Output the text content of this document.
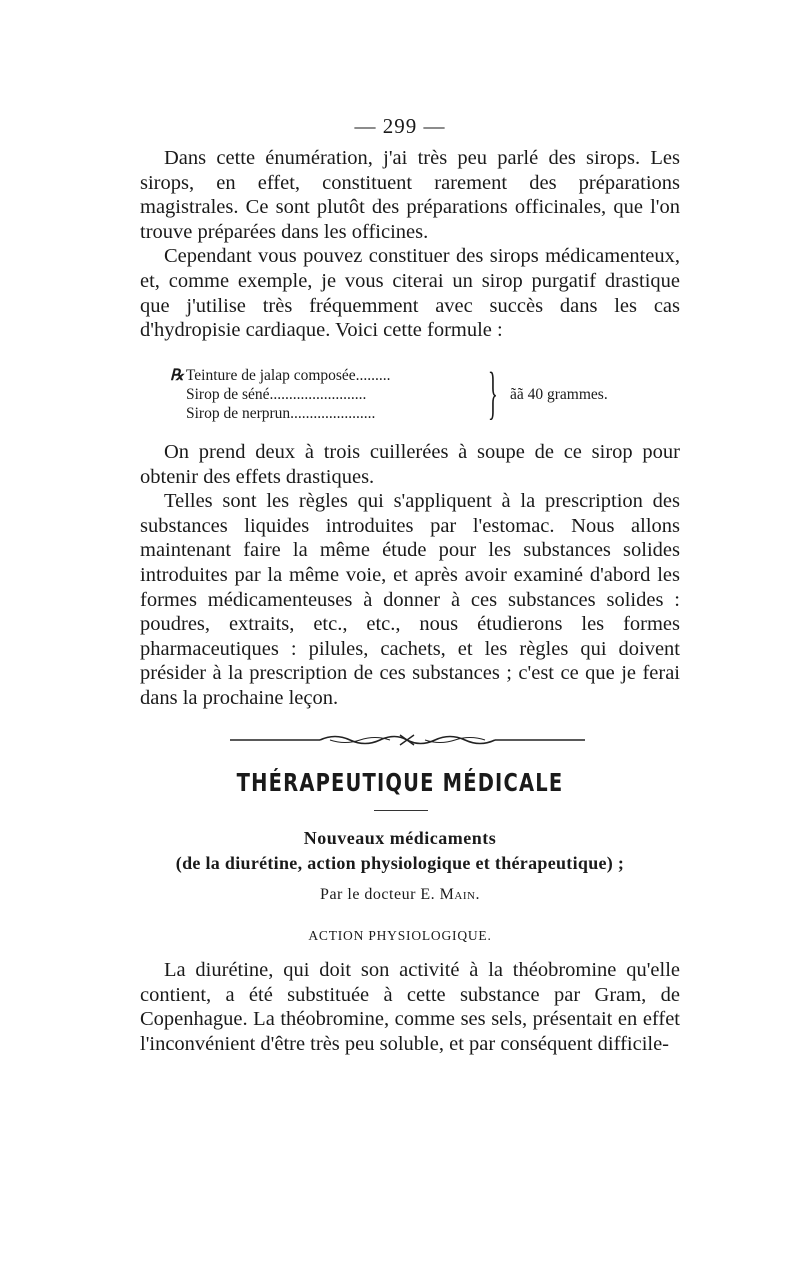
— 299 —

Dans cette énumération, j'ai très peu parlé des sirops. Les sirops, en effet, constituent rarement des préparations magistrales. Ce sont plutôt des préparations officinales, que l'on trouve préparées dans les officines.

Cependant vous pouvez constituer des sirops médicamenteux, et, comme exemple, je vous citerai un sirop purgatif drastique que j'utilise très fréquemment avec succès dans les cas d'hydropisie cardiaque. Voici cette formule :

℞ Teinture de jalap composée.........
Sirop de séné.........................
Sirop de nerprun......................	} ãã 40 grammes.

On prend deux à trois cuillerées à soupe de ce sirop pour obtenir des effets drastiques.

Telles sont les règles qui s'appliquent à la prescription des substances liquides introduites par l'estomac. Nous allons maintenant faire la même étude pour les substances solides introduites par la même voie, et après avoir examiné d'abord les formes médicamenteuses à donner à ces substances solides : poudres, extraits, etc., etc., nous étudierons les formes pharmaceutiques : pilules, cachets, et les règles qui doivent présider à la prescription de ces substances ; c'est ce que je ferai dans la prochaine leçon.

THÉRAPEUTIQUE MÉDICALE
Nouveaux médicaments
(de la diurétine, action physiologique et thérapeutique) ;
Par le docteur E. Main.
ACTION PHYSIOLOGIQUE.

La diurétine, qui doit son activité à la théobromine qu'elle contient, a été substituée à cette substance par Gram, de Copenhague. La théobromine, comme ses sels, présentait en effet l'inconvénient d'être très peu soluble, et par conséquent difficile-
